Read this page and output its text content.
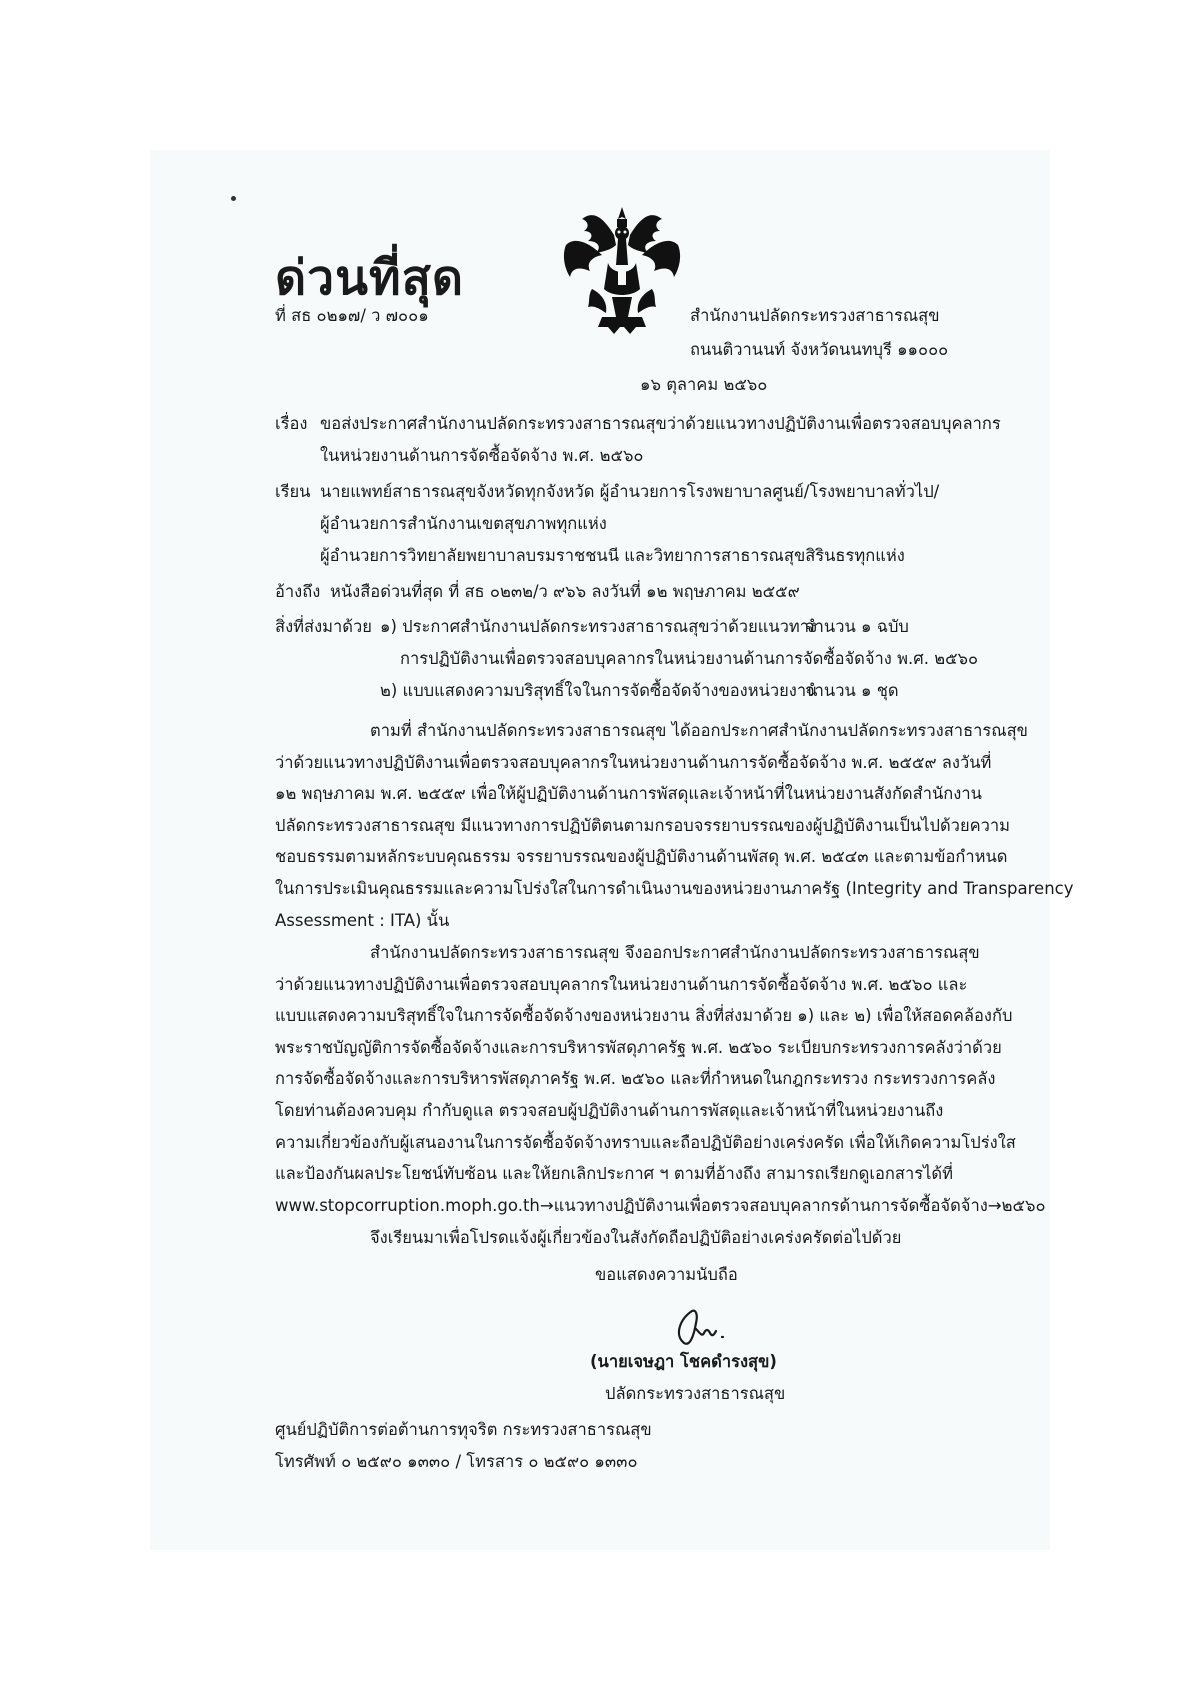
ด่วนที่สุด
ที่ สธ ๐๒๑๗/ ว ๗๐๐๑	สำนักงานปลัดกระทรวงสาธารณสุข
ถนนติวานนท์ จังหวัดนนทบุรี ๑๑๐๐๐
๑๖ ตุลาคม ๒๕๖๐
เรื่อง ขอส่งประกาศสำนักงานปลัดกระทรวงสาธารณสุขว่าด้วยแนวทางปฏิบัติงานเพื่อตรวจสอบบุคลากร
ในหน่วยงานด้านการจัดซื้อจัดจ้าง พ.ศ. ๒๕๖๐
เรียน นายแพทย์สาธารณสุขจังหวัดทุกจังหวัด ผู้อำนวยการโรงพยาบาลศูนย์/โรงพยาบาลทั่วไป/
ผู้อำนวยการสำนักงานเขตสุขภาพทุกแห่ง
ผู้อำนวยการวิทยาลัยพยาบาลบรมราชชนนี และวิทยาการสาธารณสุขสิรินธรทุกแห่ง
อ้างถึง หนังสือด่วนที่สุด ที่ สธ ๐๒๓๒/ว ๙๖๖ ลงวันที่ ๑๒ พฤษภาคม ๒๕๕๙
สิ่งที่ส่งมาด้วย ๑) ประกาศสำนักงานปลัดกระทรวงสาธารณสุขว่าด้วยแนวทาง
จำนวน ๑ ฉบับ
การปฏิบัติงานเพื่อตรวจสอบบุคลากรในหน่วยงานด้านการจัดซื้อจัดจ้าง พ.ศ. ๒๕๖๐
๒) แบบแสดงความบริสุทธิ์ใจในการจัดซื้อจัดจ้างของหน่วยงาน
จำนวน ๑ ชุด
ตามที่ สำนักงานปลัดกระทรวงสาธารณสุข ได้ออกประกาศสำนักงานปลัดกระทรวงสาธารณสุข
ว่าด้วยแนวทางปฏิบัติงานเพื่อตรวจสอบบุคลากรในหน่วยงานด้านการจัดซื้อจัดจ้าง พ.ศ. ๒๕๕๙ ลงวันที่
๑๒ พฤษภาคม พ.ศ. ๒๕๕๙ เพื่อให้ผู้ปฏิบัติงานด้านการพัสดุและเจ้าหน้าที่ในหน่วยงานสังกัดสำนักงาน
ปลัดกระทรวงสาธารณสุข มีแนวทางการปฏิบัติตนตามกรอบจรรยาบรรณของผู้ปฏิบัติงานเป็นไปด้วยความ
ชอบธรรมตามหลักระบบคุณธรรม จรรยาบรรณของผู้ปฏิบัติงานด้านพัสดุ พ.ศ. ๒๕๔๓ และตามข้อกำหนด
ในการประเมินคุณธรรมและความโปร่งใสในการดำเนินงานของหน่วยงานภาครัฐ (Integrity and Transparency
Assessment : ITA) นั้น
สำนักงานปลัดกระทรวงสาธารณสุข จึงออกประกาศสำนักงานปลัดกระทรวงสาธารณสุข
ว่าด้วยแนวทางปฏิบัติงานเพื่อตรวจสอบบุคลากรในหน่วยงานด้านการจัดซื้อจัดจ้าง พ.ศ. ๒๕๖๐ และ
แบบแสดงความบริสุทธิ์ใจในการจัดซื้อจัดจ้างของหน่วยงาน สิ่งที่ส่งมาด้วย ๑) และ ๒) เพื่อให้สอดคล้องกับ
พระราชบัญญัติการจัดซื้อจัดจ้างและการบริหารพัสดุภาครัฐ พ.ศ. ๒๕๖๐ ระเบียบกระทรวงการคลังว่าด้วย
การจัดซื้อจัดจ้างและการบริหารพัสดุภาครัฐ พ.ศ. ๒๕๖๐ และที่กำหนดในกฎกระทรวง กระทรวงการคลัง
โดยท่านต้องควบคุม กำกับดูแล ตรวจสอบผู้ปฏิบัติงานด้านการพัสดุและเจ้าหน้าที่ในหน่วยงานถึง
ความเกี่ยวข้องกับผู้เสนองานในการจัดซื้อจัดจ้างทราบและถือปฏิบัติอย่างเคร่งครัด เพื่อให้เกิดความโปร่งใส
และป้องกันผลประโยชน์ทับซ้อน และให้ยกเลิกประกาศ ฯ ตามที่อ้างถึง สามารถเรียกดูเอกสารได้ที่
www.stopcorruption.moph.go.th→แนวทางปฏิบัติงานเพื่อตรวจสอบบุคลากรด้านการจัดซื้อจัดจ้าง→๒๕๖๐
จึงเรียนมาเพื่อโปรดแจ้งผู้เกี่ยวข้องในสังกัดถือปฏิบัติอย่างเคร่งครัดต่อไปด้วย
ขอแสดงความนับถือ
(นายเจษฎา โชคดำรงสุข)
ปลัดกระทรวงสาธารณสุข
ศูนย์ปฏิบัติการต่อต้านการทุจริต กระทรวงสาธารณสุข
โทรศัพท์ ๐ ๒๕๙๐ ๑๓๓๐ / โทรสาร ๐ ๒๕๙๐ ๑๓๓๐
